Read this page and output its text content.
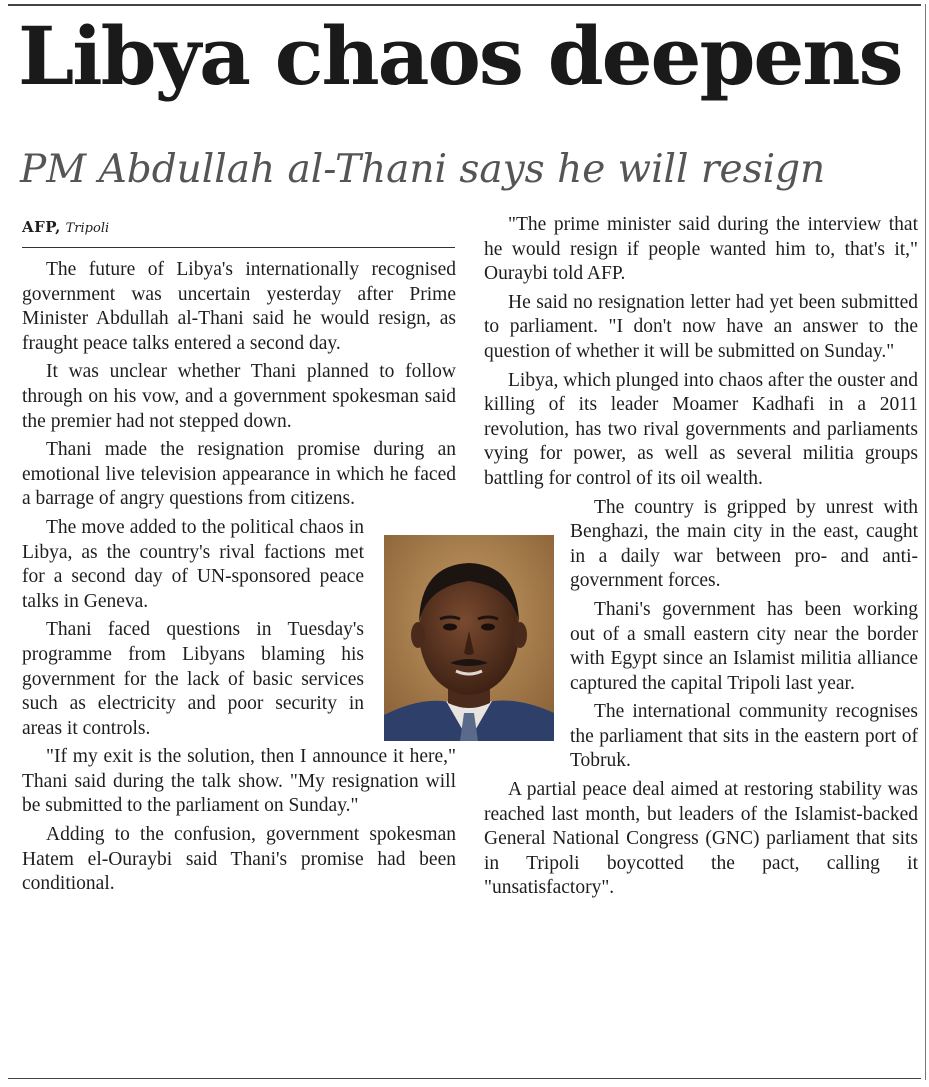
Libya chaos deepens
PM Abdullah al-Thani says he will resign
AFP, Tripoli

The future of Libya's internationally recognised government was uncertain yesterday after Prime Minister Abdullah al-Thani said he would resign, as fraught peace talks entered a second day.

It was unclear whether Thani planned to follow through on his vow, and a government spokesman said the premier had not stepped down.

Thani made the resignation promise during an emotional live television appearance in which he faced a barrage of angry questions from citizens.

The move added to the political chaos in Libya, as the country's rival factions met for a second day of UN-sponsored peace talks in Geneva.

Thani faced questions in Tuesday's programme from Libyans blaming his government for the lack of basic services such as electricity and poor security in areas it controls.

"If my exit is the solution, then I announce it here," Thani said during the talk show. "My resignation will be submitted to the parliament on Sunday."

Adding to the confusion, government spokesman Hatem el-Ouraybi said Thani's promise had been conditional.

"The prime minister said during the interview that he would resign if people wanted him to, that's it," Ouraybi told AFP.

He said no resignation letter had yet been submitted to parliament. "I don't now have an answer to the question of whether it will be submitted on Sunday."

Libya, which plunged into chaos after the ouster and killing of its leader Moamer Kadhafi in a 2011 revolution, has two rival governments and parliaments vying for power, as well as several militia groups battling for control of its oil wealth.

The country is gripped by unrest with Benghazi, the main city in the east, caught in a daily war between pro- and anti-government forces.

Thani's government has been working out of a small eastern city near the border with Egypt since an Islamist militia alliance captured the capital Tripoli last year.

The international community recognises the parliament that sits in the eastern port of Tobruk.

A partial peace deal aimed at restoring stability was reached last month, but leaders of the Islamist-backed General National Congress (GNC) parliament that sits in Tripoli boycotted the pact, calling it "unsatisfactory".
